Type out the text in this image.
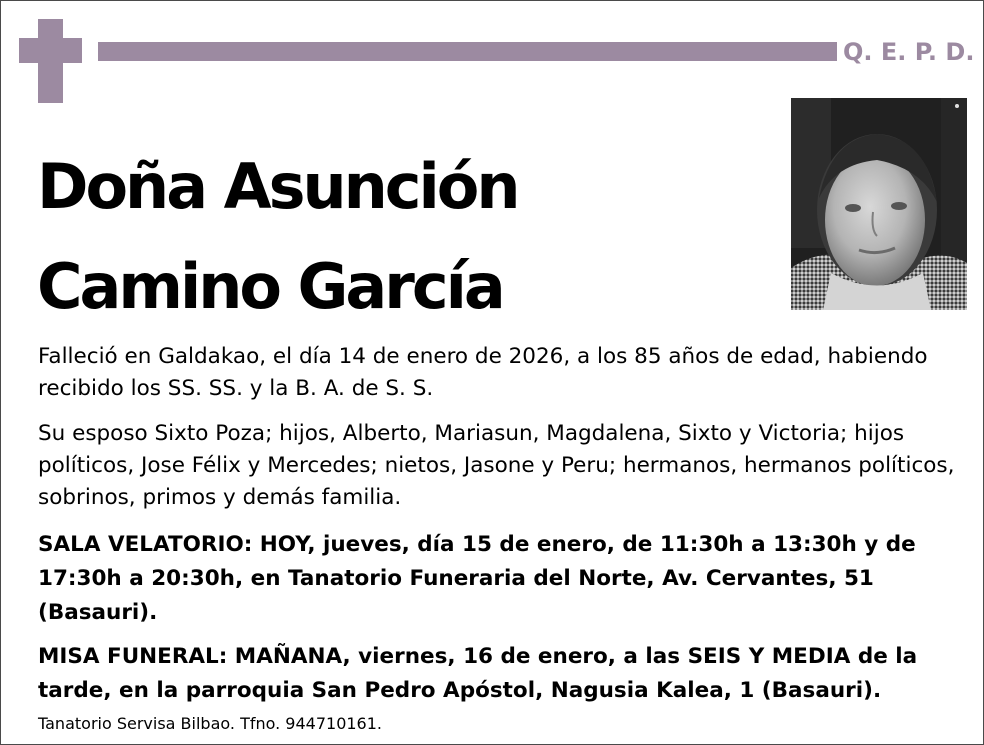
Q. E. P. D.
Doña Asunción
Camino García

Falleció en Galdakao, el día 14 de enero de 2026, a los 85 años de edad, habiendo recibido los SS. SS. y la B. A. de S. S.

Su esposo Sixto Poza; hijos, Alberto, Mariasun, Magdalena, Sixto y Victoria; hijos políticos, Jose Félix y Mercedes; nietos, Jasone y Peru; hermanos, hermanos políticos, sobrinos, primos y demás familia.

SALA VELATORIO: HOY, jueves, día 15 de enero, de 11:30h a 13:30h y de 17:30h a 20:30h, en Tanatorio Funeraria del Norte, Av. Cervantes, 51 (Basauri).

MISA FUNERAL: MAÑANA, viernes, 16 de enero, a las SEIS Y MEDIA de la tarde, en la parroquia San Pedro Apóstol, Nagusia Kalea, 1 (Basauri).

Tanatorio Servisa Bilbao. Tfno. 944710161.
